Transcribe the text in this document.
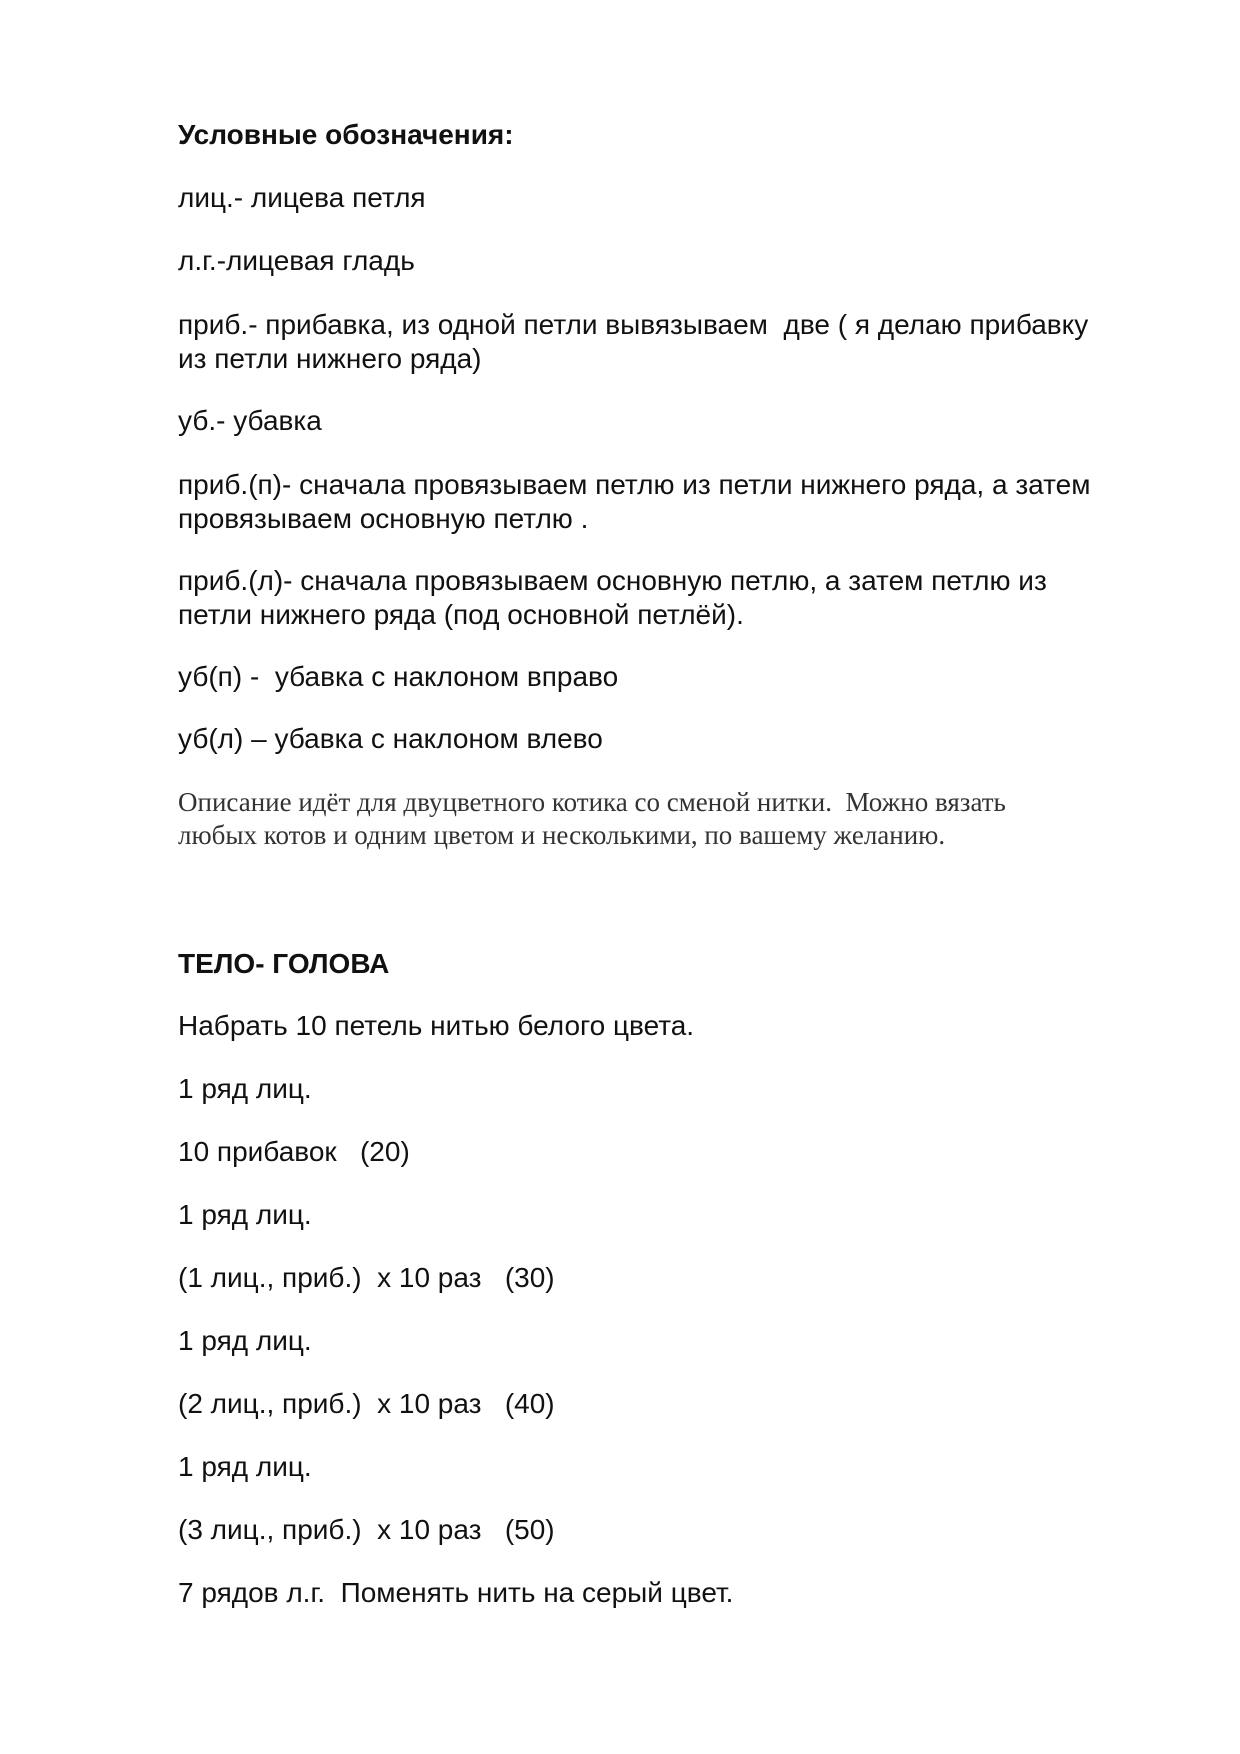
Условные обозначения:

лиц.- лицева петля

л.г.-лицевая гладь

приб.- прибавка, из одной петли вывязываем  две ( я делаю прибавку

из петли нижнего ряда)

уб.- убавка

приб.(п)- сначала провязываем петлю из петли нижнего ряда, а затем

провязываем основную петлю .

приб.(л)- сначала провязываем основную петлю, а затем петлю из

петли нижнего ряда (под основной петлёй).

уб(п) -  убавка с наклоном вправо

уб(л) – убавка с наклоном влево

Описание идёт для двуцветного котика со сменой нитки.  Можно вязать

любых котов и одним цветом и несколькими, по вашему желанию.

ТЕЛО- ГОЛОВА

Набрать 10 петель нитью белого цвета.

1 ряд лиц.

10 прибавок   (20)

1 ряд лиц.

(1 лиц., приб.)  х 10 раз   (30)

1 ряд лиц.

(2 лиц., приб.)  х 10 раз   (40)

1 ряд лиц.

(3 лиц., приб.)  х 10 раз   (50)

7 рядов л.г.  Поменять нить на серый цвет.
